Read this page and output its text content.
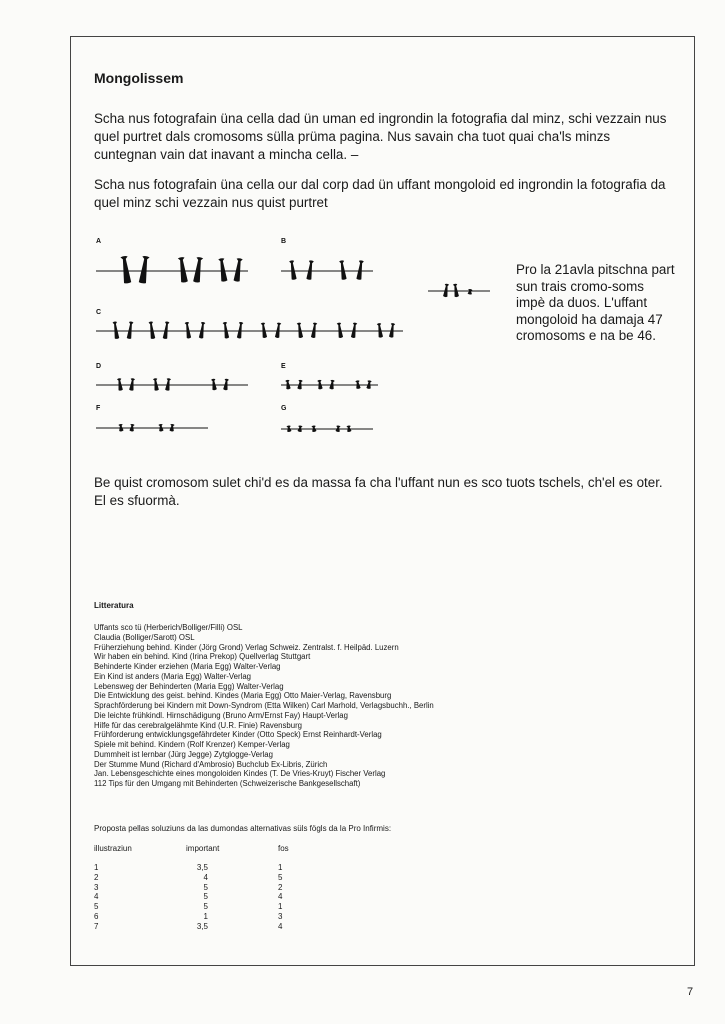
Mongolissem

Scha nus fotografain üna cella dad ün uman ed ingrondin la fotografia dal minz, schi vezzain nus quel purtret dals cromosoms süllа prüma pagina. Nus savain cha tuot quai cha'ls minzs cuntegnan vain dat inavant a mincha cella. –

Scha nus fotografain üna cella our dal corp dad ün uffant mongoloid ed ingrondin la fotografia da quel minz schi vezzain nus quist purtret

A	B
C
D	E
F	G

Pro la 21avla pitschna part sun trais cromo-soms impè da duos. L'uffant mongoloid ha damaja 47 cromosoms e na be 46.

Be quist cromosom sulet chi'd es da massa fa cha l'uffant nun es sco tuots tschels, ch'el es oter. El es sfuormà.

Litteratura
Uffants sco tü (Herberich/Bolliger/Filli) OSL
Claudia (Bolliger/Sarott) OSL
Früherziehung behind. Kinder (Jörg Grond) Verlag Schweiz. Zentralst. f. Heilpäd. Luzern
Wir haben ein behind. Kind (Irina Prekop) Quellverlag Stuttgart
Behinderte Kinder erziehen (Maria Egg) Walter-Verlag
Ein Kind ist anders (Maria Egg) Walter-Verlag
Lebensweg der Behinderten (Maria Egg) Walter-Verlag
Die Entwicklung des geist. behind. Kindes (Maria Egg) Otto Maier-Verlag, Ravensburg
Sprachförderung bei Kindern mit Down-Syndrom (Etta Wilken) Carl Marhold, Verlagsbuchh., Berlin
Die leichte frühkindl. Hirnschädigung (Bruno Arm/Ernst Fay) Haupt-Verlag
Hilfe für das cerebralgelähmte Kind (U.R. Finie) Ravensburg
Frühforderung entwicklungsgefährdeter Kinder (Otto Speck) Ernst Reinhardt-Verlag
Spiele mit behind. Kindern (Rolf Krenzer) Kemper-Verlag
Dummheit ist lernbar (Jürg Jegge) Zytglogge-Verlag
Der Stumme Mund (Richard d'Ambrosio) Buchclub Ex-Libris, Zürich
Jan. Lebensgeschichte eines mongoloiden Kindes (T. De Vries-Kruyt) Fischer Verlag
112 Tips für den Umgang mit Behinderten (Schweizerische Bankgesellschaft)

Proposta pellas soluziuns da las dumondas alternativas süls fögls da la Pro Infirmis:

illustraziun	important	fos
1	3,5	1
2	4	5
3	5	2
4	5	4
5	5	1
6	1	3
7	3,5	4

7
